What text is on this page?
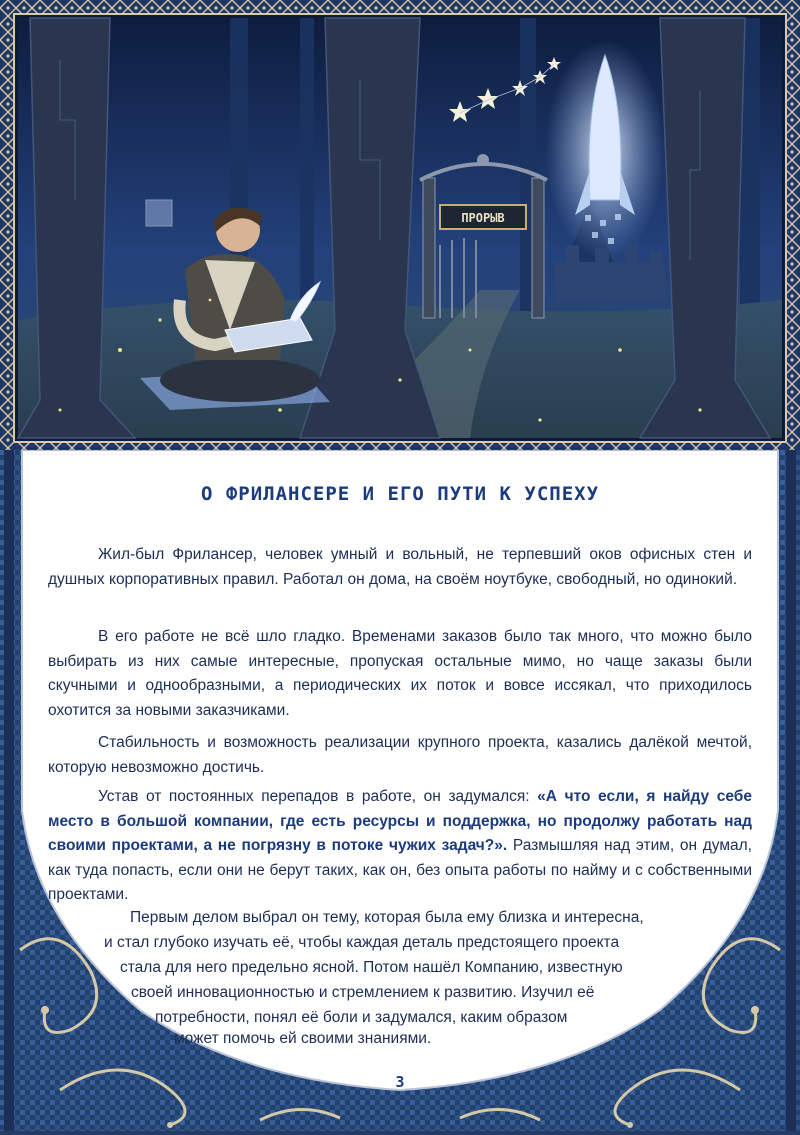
ПРОРЫВ
О ФРИЛАНСЕРЕ И ЕГО ПУТИ К УСПЕХУ

Жил-был Фрилансер, человек умный и вольный, не терпевший оков офисных стен и душных корпоративных правил. Работал он дома, на своём ноутбуке, свободный, но одинокий.

В его работе не всё шло гладко. Временами заказов было так много, что можно было выбирать из них самые интересные, пропуская остальные мимо, но чаще заказы были скучными и однообразными, а периодических их поток и вовсе иссякал, что приходилось охотится за новыми заказчиками.

Стабильность и возможность реализации крупного проекта, казались далёкой мечтой, которую невозможно достичь.

Устав от постоянных перепадов в работе, он задумался: «А что если, я найду себе место в большой компании, где есть ресурсы и поддержка, но продолжу работать над своими проектами, а не погрязну в потоке чужих задач?». Размышляя над этим, он думал, как туда попасть, если они не берут таких, как он, без опыта работы по найму и с собственными проектами.

Первым делом выбрал он тему, которая была ему близка и интересна,

и стал глубоко изучать её, чтобы каждая деталь предстоящего проекта

стала для него предельно ясной. Потом нашёл Компанию, известную

своей инновационностью и стремлением к развитию. Изучил её

потребности, понял её боли и задумался, каким образом

может помочь ей своими знаниями.

3
